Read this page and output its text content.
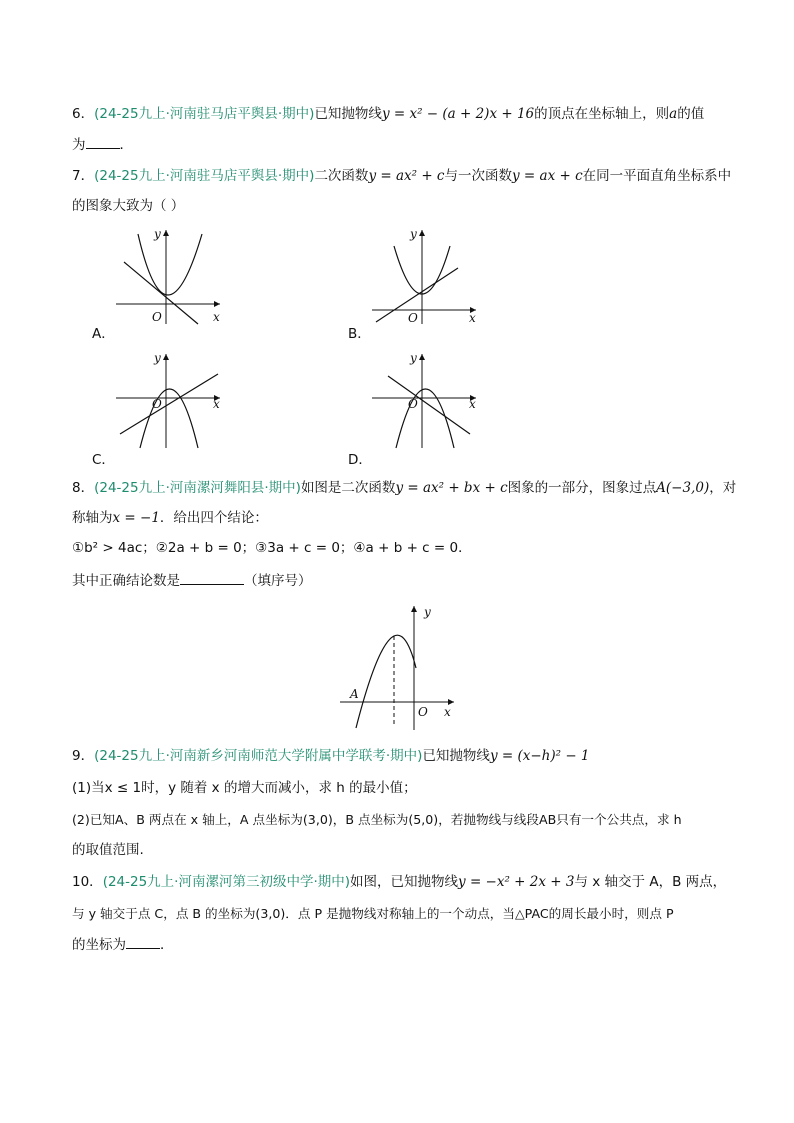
6．(24-25九上·河南驻马店平舆县·期中)已知抛物线y = x² − (a + 2)x + 16的顶点在坐标轴上，则a的值
为	．
7．(24-25九上·河南驻马店平舆县·期中)二次函数y = ax² + c与一次函数y = ax + c在同一平面直角坐标系中
的图象大致为（ ）
y
x
O
A．
y
x
O
B．
y
x
O
C．
y
x
O
D．
8．(24-25九上·河南漯河舞阳县·期中)如图是二次函数y = ax² + bx + c图象的一部分，图象过点A(−3,0)，对
称轴为x = −1．给出四个结论：
①b² > 4ac；②2a + b = 0；③3a + c = 0；④a + b + c = 0．
其中正确结论数是	（填序号）
y
x
O
A
9．(24-25九上·河南新乡河南师范大学附属中学联考·期中)已知抛物线y = (x−h)² − 1
(1)当x ≤ 1时，y 随着 x 的增大而减小，求 h 的最小值；
(2)已知A、B 两点在 x 轴上，A 点坐标为(3,0)，B 点坐标为(5,0)，若抛物线与线段AB只有一个公共点，求 h
的取值范围.
10．(24-25九上·河南漯河第三初级中学·期中)如图，已知抛物线y = −x² + 2x + 3与 x 轴交于 A，B 两点，
与 y 轴交于点 C，点 B 的坐标为(3,0)．点 P 是抛物线对称轴上的一个动点，当△PAC的周长最小时，则点 P
的坐标为	．
